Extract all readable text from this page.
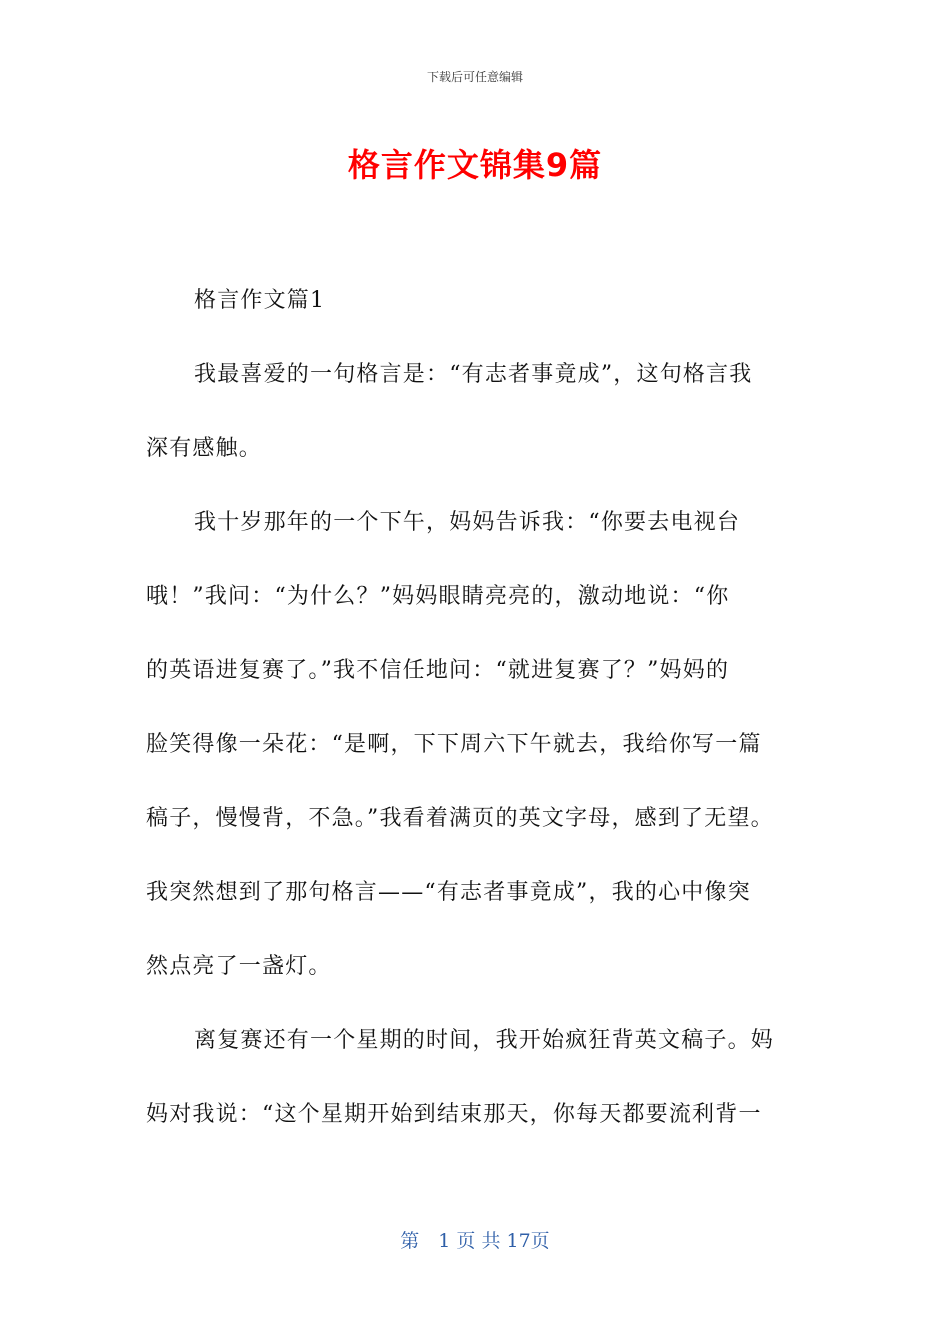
下载后可任意编辑
格言作文锦集9篇
格言作文篇1
我最喜爱的一句格言是：“有志者事竟成”，这句格言我
深有感触。
我十岁那年的一个下午，妈妈告诉我：“你要去电视台
哦！”我问：“为什么？”妈妈眼睛亮亮的，激动地说：“你
的英语进复赛了。”我不信任地问：“就进复赛了？”妈妈的
脸笑得像一朵花：“是啊，下下周六下午就去，我给你写一篇
稿子，慢慢背，不急。”我看着满页的英文字母，感到了无望。
我突然想到了那句格言——“有志者事竟成”，我的心中像突
然点亮了一盏灯。
离复赛还有一个星期的时间，我开始疯狂背英文稿子。妈
妈对我说：“这个星期开始到结束那天，你每天都要流利背一
第　1 页 共 17页
